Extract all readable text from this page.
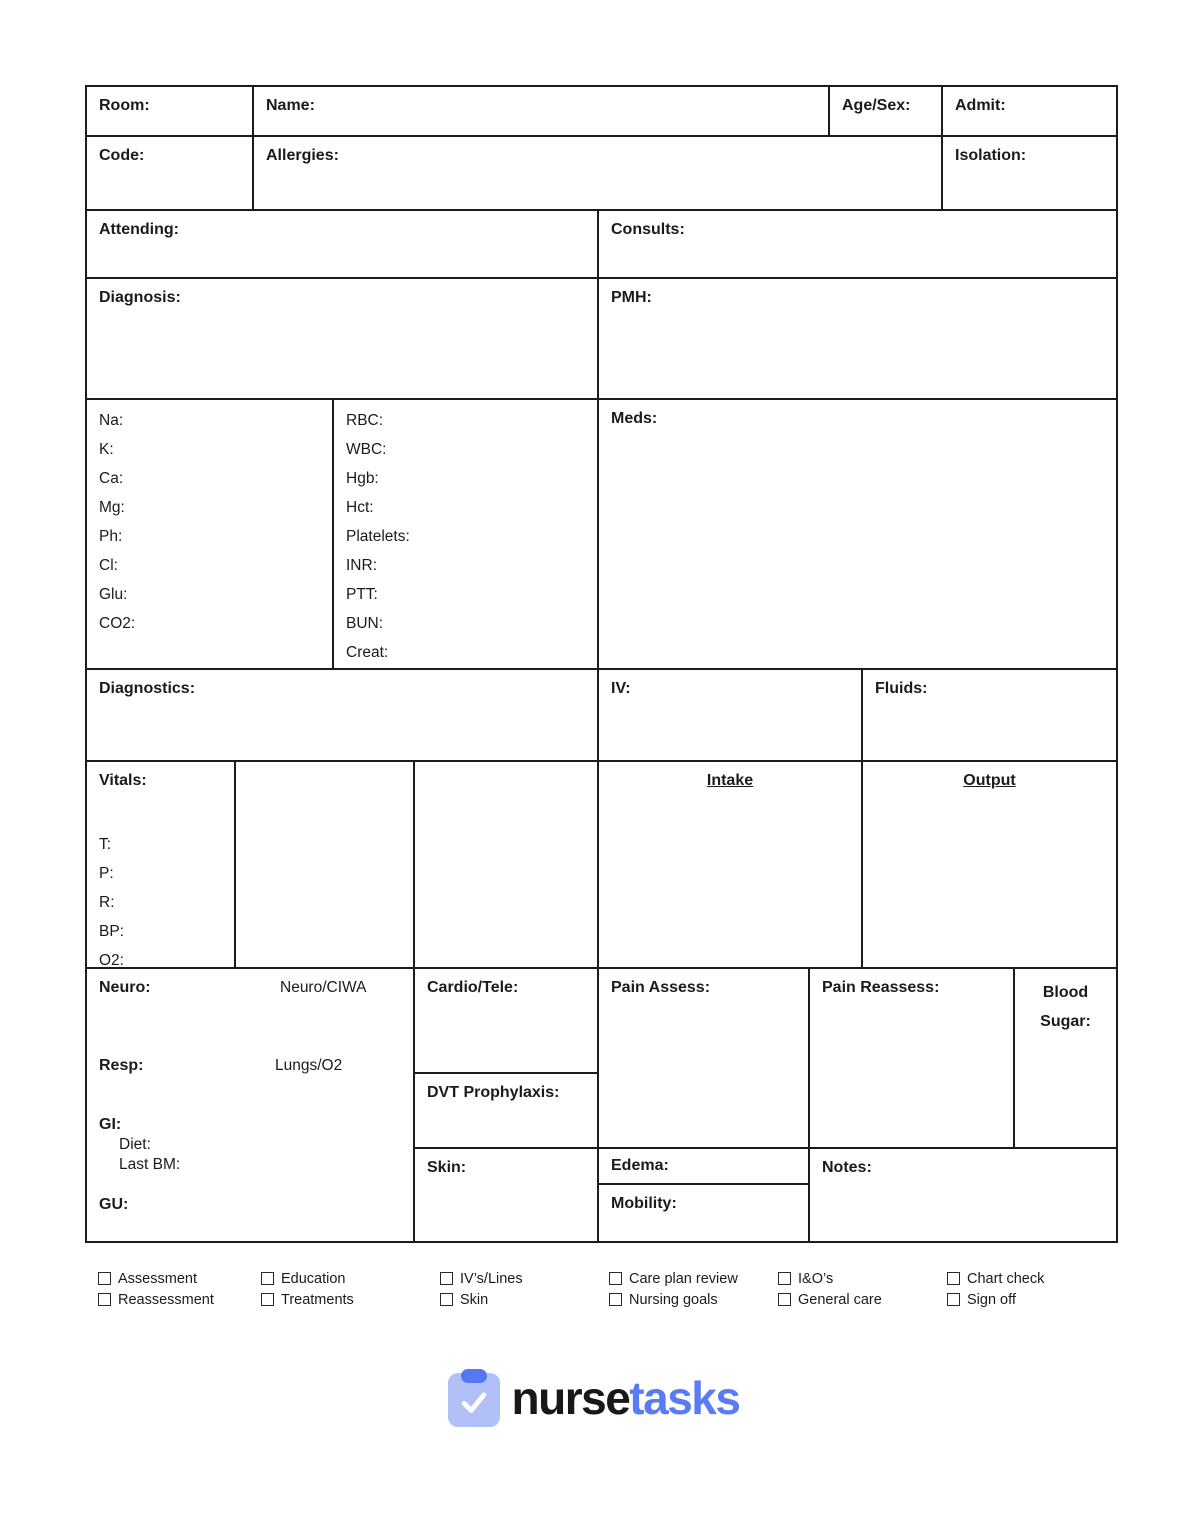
Room:	Name:	Age/Sex:	Admit:
Code:	Allergies:	Isolation:
Attending:	Consults:
Diagnosis:	PMH:
Na:
K:
Ca:
Mg:
Ph:
Cl:
Glu:
CO2:
RBC:
WBC:
Hgb:
Hct:
Platelets:
INR:
PTT:
BUN:
Creat:
Meds:
Diagnostics:	IV:	Fluids:
Vitals:
T:
P:
R:
BP:
O2:
Intake	Output
Neuro:	Neuro/CIWA
Resp:	Lungs/O2
GI:
Diet:
Last BM:
GU:
Cardio/Tele:
DVT Prophylaxis:
Skin:
Pain Assess:
Edema:
Mobility:
Pain Reassess:	Blood
Sugar:
Notes:
Assessment
Reassessment
Education
Treatments
IV’s/Lines
Skin
Care plan review
Nursing goals
I&O’s
General care
Chart check
Sign off
nursetasks
